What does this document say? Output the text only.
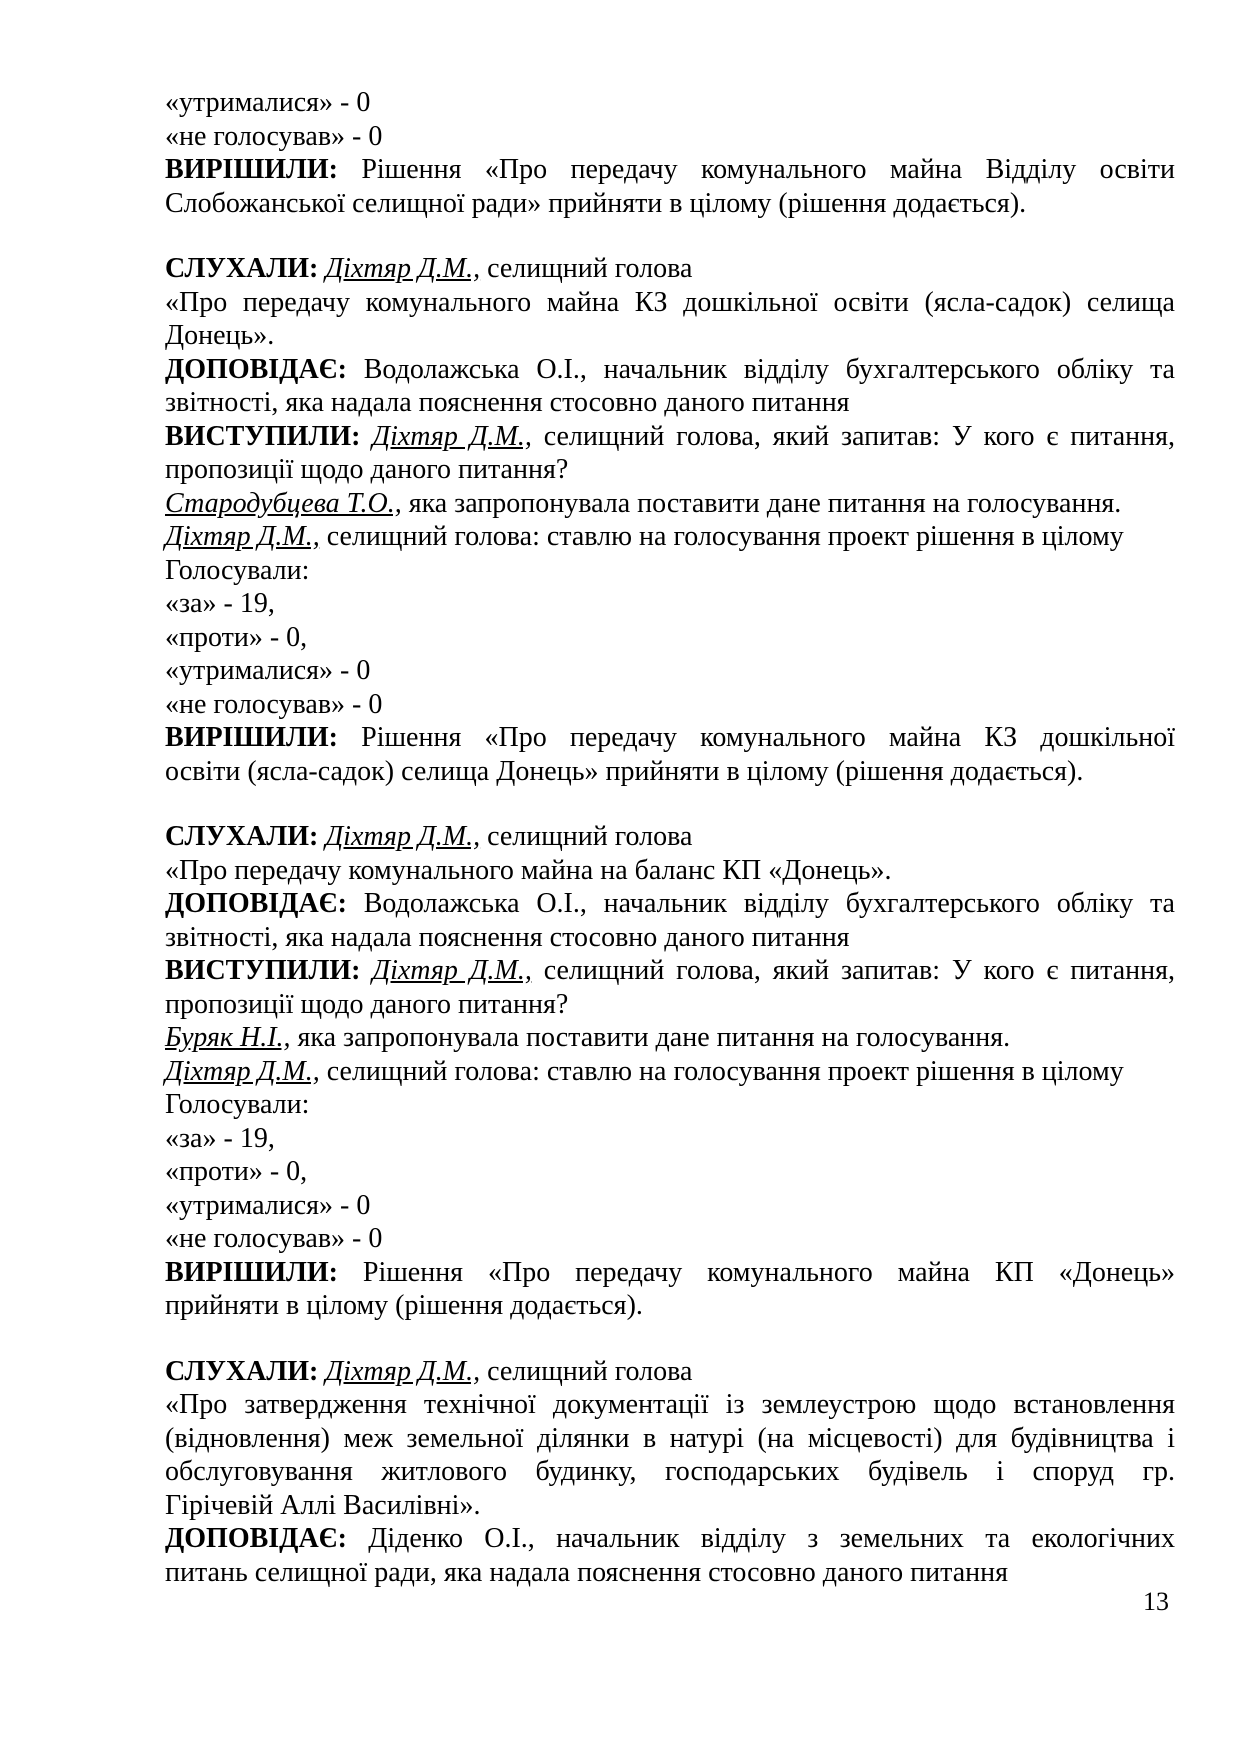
«утрималися» - 0
«не голосував» - 0
ВИРІШИЛИ: Рішення «Про передачу комунального майна Відділу освіти
Слобожанської селищної ради» прийняти в цілому (рішення додається).
СЛУХАЛИ: Діхтяр Д.М., селищний голова
«Про передачу комунального майна КЗ дошкільної освіти (ясла-садок) селища
Донець».
ДОПОВІДАЄ: Водолажська О.І., начальник відділу бухгалтерського обліку та
звітності, яка надала пояснення стосовно даного питання
ВИСТУПИЛИ: Діхтяр Д.М., селищний голова, який запитав: У кого є питання,
пропозиції щодо даного питання?
Стародубцева Т.О., яка запропонувала поставити дане питання на голосування.
Діхтяр Д.М., селищний голова: ставлю на голосування проект рішення в цілому
Голосували:
«за» - 19,
«проти» - 0,
«утрималися» - 0
«не голосував» - 0
ВИРІШИЛИ: Рішення «Про передачу комунального майна КЗ дошкільної
освіти (ясла-садок) селища Донець» прийняти в цілому (рішення додається).
СЛУХАЛИ: Діхтяр Д.М., селищний голова
«Про передачу комунального майна на баланс КП «Донець».
ДОПОВІДАЄ: Водолажська О.І., начальник відділу бухгалтерського обліку та
звітності, яка надала пояснення стосовно даного питання
ВИСТУПИЛИ: Діхтяр Д.М., селищний голова, який запитав: У кого є питання,
пропозиції щодо даного питання?
Буряк Н.І., яка запропонувала поставити дане питання на голосування.
Діхтяр Д.М., селищний голова: ставлю на голосування проект рішення в цілому
Голосували:
«за» - 19,
«проти» - 0,
«утрималися» - 0
«не голосував» - 0
ВИРІШИЛИ: Рішення «Про передачу комунального майна КП «Донець»
прийняти в цілому (рішення додається).
СЛУХАЛИ: Діхтяр Д.М., селищний голова
«Про затвердження технічної документації із землеустрою щодо встановлення
(відновлення) меж земельної ділянки в натурі (на місцевості) для будівництва і
обслуговування житлового будинку, господарських будівель і споруд гр.
Гірічевій Аллі Василівні».
ДОПОВІДАЄ: Діденко О.І., начальник відділу з земельних та екологічних
питань селищної ради, яка надала пояснення стосовно даного питання
13
